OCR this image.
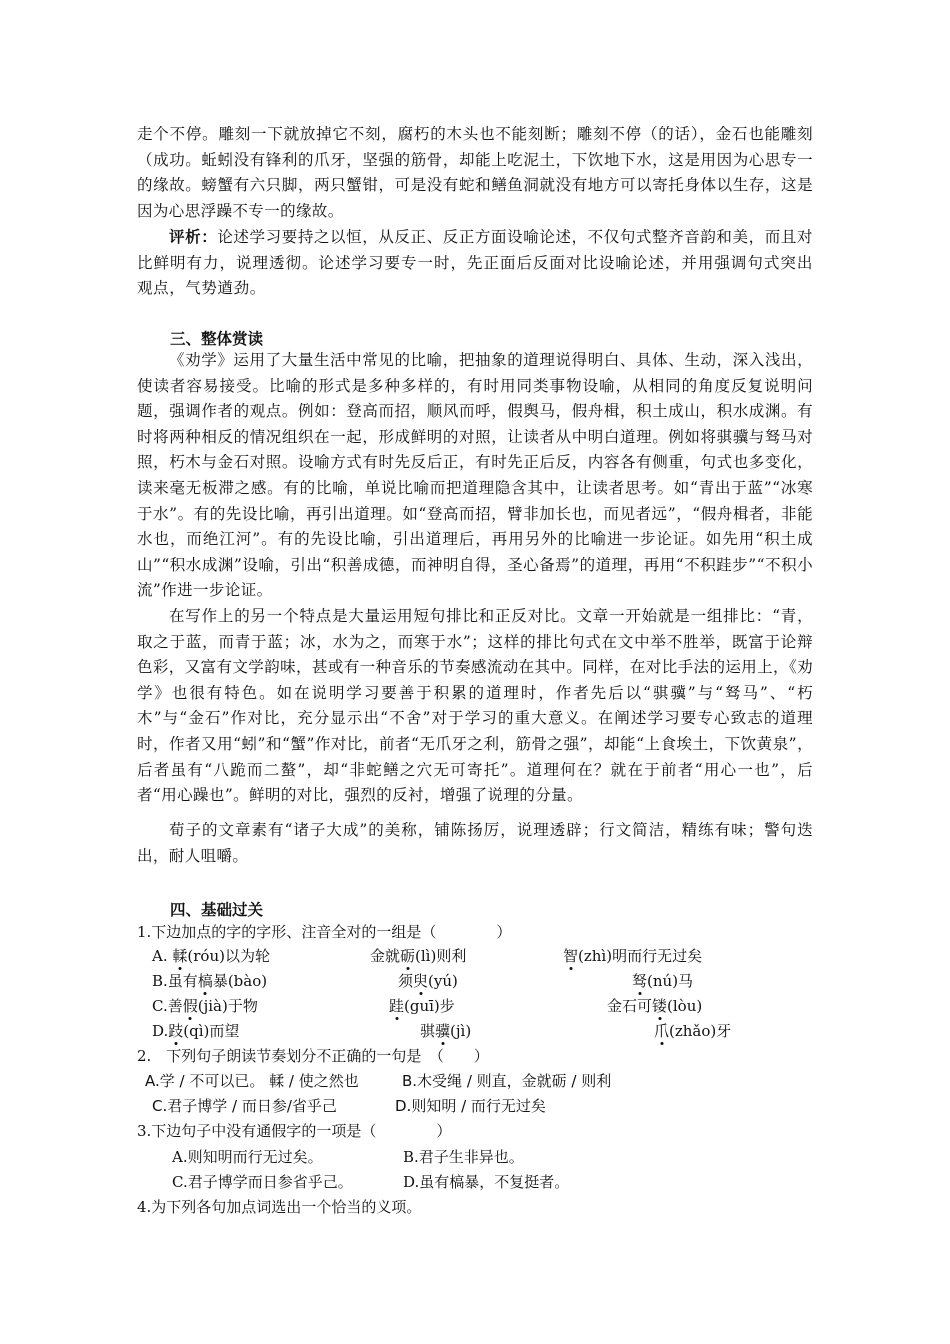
走个不停。雕刻一下就放掉它不刻，腐朽的木头也不能刻断；雕刻不停（的话），金石也能雕刻（成功。蚯蚓没有锋利的爪牙，坚强的筋骨，却能上吃泥土，下饮地下水，这是用因为心思专一的缘故。螃蟹有六只脚，两只蟹钳，可是没有蛇和鳝鱼洞就没有地方可以寄托身体以生存，这是因为心思浮躁不专一的缘故。

评析：论述学习要持之以恒，从反正、反正方面设喻论述，不仅句式整齐音韵和美，而且对比鲜明有力，说理透彻。论述学习要专一时，先正面后反面对比设喻论述，并用强调句式突出观点，气势遒劲。

三、整体赏读

《劝学》运用了大量生活中常见的比喻，把抽象的道理说得明白、具体、生动，深入浅出，使读者容易接受。比喻的形式是多种多样的，有时用同类事物设喻，从相同的角度反复说明问题，强调作者的观点。例如：登高而招，顺风而呼，假舆马，假舟楫，积土成山，积水成渊。有时将两种相反的情况组织在一起，形成鲜明的对照，让读者从中明白道理。例如将骐骥与驽马对照，朽木与金石对照。设喻方式有时先反后正，有时先正后反，内容各有侧重，句式也多变化，读来毫无板滞之感。有的比喻，单说比喻而把道理隐含其中，让读者思考。如“青出于蓝”“冰寒于水”。有的先设比喻，再引出道理。如“登高而招，臂非加长也，而见者远”，“假舟楫者，非能水也，而绝江河”。有的先设比喻，引出道理后，再用另外的比喻进一步论证。如先用“积土成山”“积水成渊”设喻，引出“积善成德，而神明自得，圣心备焉”的道理，再用“不积跬步”“不积小流”作进一步论证。

在写作上的另一个特点是大量运用短句排比和正反对比。文章一开始就是一组排比：“青，取之于蓝，而青于蓝；冰，水为之，而寒于水”；这样的排比句式在文中举不胜举，既富于论辩色彩，又富有文学韵味，甚或有一种音乐的节奏感流动在其中。同样，在对比手法的运用上，《劝学》也很有特色。如在说明学习要善于积累的道理时，作者先后以“骐骥”与“驽马”、“朽木”与“金石”作对比，充分显示出“不舍”对于学习的重大意义。在阐述学习要专心致志的道理时，作者又用“蚓”和“蟹”作对比，前者“无爪牙之利，筋骨之强”，却能“上食埃土，下饮黄泉”，后者虽有“八跪而二螯”，却“非蛇鳝之穴无可寄托”。道理何在？就在于前者“用心一也”，后者“用心躁也”。鲜明的对比，强烈的反衬，增强了说理的分量。

荀子的文章素有“诸子大成”的美称，铺陈扬厉，说理透辟；行文简洁，精练有味；警句迭出，耐人咀嚼。

四、基础过关

1.下边加点的字的字形、注音全对的一组是（　　　　）

A. 輮(róu)以为轮	金就砺(lì)则利	智(zhì)明而行无过矣

B.虽有槁暴(bào)	须臾(yú)	驽(nú)马

C.善假(jià)于物	跬(guī)步	金石可镂(lòu)

D.跂(qì)而望	骐骥(jì)	爪(zhǎo)牙

2.　下列句子朗读节奏划分不正确的一句是　（　　）

A.学 / 不可以已。 輮 / 使之然也	B.木受绳 / 则直，金就砺 / 则利

C.君子博学 / 而日参/省乎己	D.则知明 / 而行无过矣

3.下边句子中没有通假字的一项是（　　　　）

A.则知明而行无过矣。	B.君子生非异也。

C.君子博学而日参省乎己。	D.虽有槁暴，不复挺者。

4.为下列各句加点词选出一个恰当的义项。
